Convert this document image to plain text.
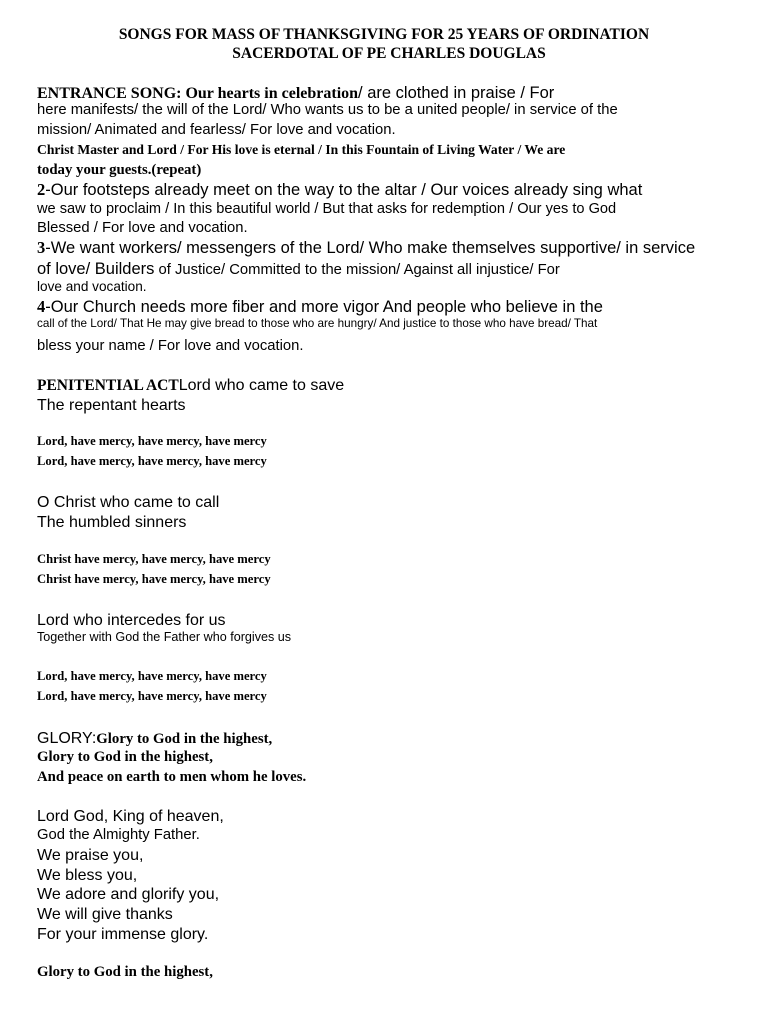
SONGS FOR MASS OF THANKSGIVING FOR 25 YEARS OF ORDINATION

SACERDOTAL OF PE CHARLES DOUGLAS

ENTRANCE SONG: Our hearts in celebration/ are clothed in praise / For

here manifests/ the will of the Lord/ Who wants us to be a united people/ in service of the

mission/ Animated and fearless/ For love and vocation.

Christ Master and Lord / For His love is eternal / In this Fountain of Living Water / We are

today your guests.(repeat)

2-Our footsteps already meet on the way to the altar / Our voices already sing what

we saw to proclaim / In this beautiful world / But that asks for redemption / Our yes to God

Blessed / For love and vocation.

3-We want workers/ messengers of the Lord/ Who make themselves supportive/ in service

of love/ Builders of Justice/ Committed to the mission/ Against all injustice/ For

love and vocation.

4-Our Church needs more fiber and more vigor And people who believe in the

call of the Lord/ That He may give bread to those who are hungry/ And justice to those who have bread/ That

bless your name / For love and vocation.

PENITENTIAL ACTLord who came to save

The repentant hearts

Lord, have mercy, have mercy, have mercy

Lord, have mercy, have mercy, have mercy

O Christ who came to call

The humbled sinners

Christ have mercy, have mercy, have mercy

Christ have mercy, have mercy, have mercy

Lord who intercedes for us

Together with God the Father who forgives us

Lord, have mercy, have mercy, have mercy

Lord, have mercy, have mercy, have mercy

GLORY:Glory to God in the highest,

Glory to God in the highest,

And peace on earth to men whom he loves.

Lord God, King of heaven,

God the Almighty Father.

We praise you,

We bless you,

We adore and glorify you,

We will give thanks

For your immense glory.

Glory to God in the highest,
